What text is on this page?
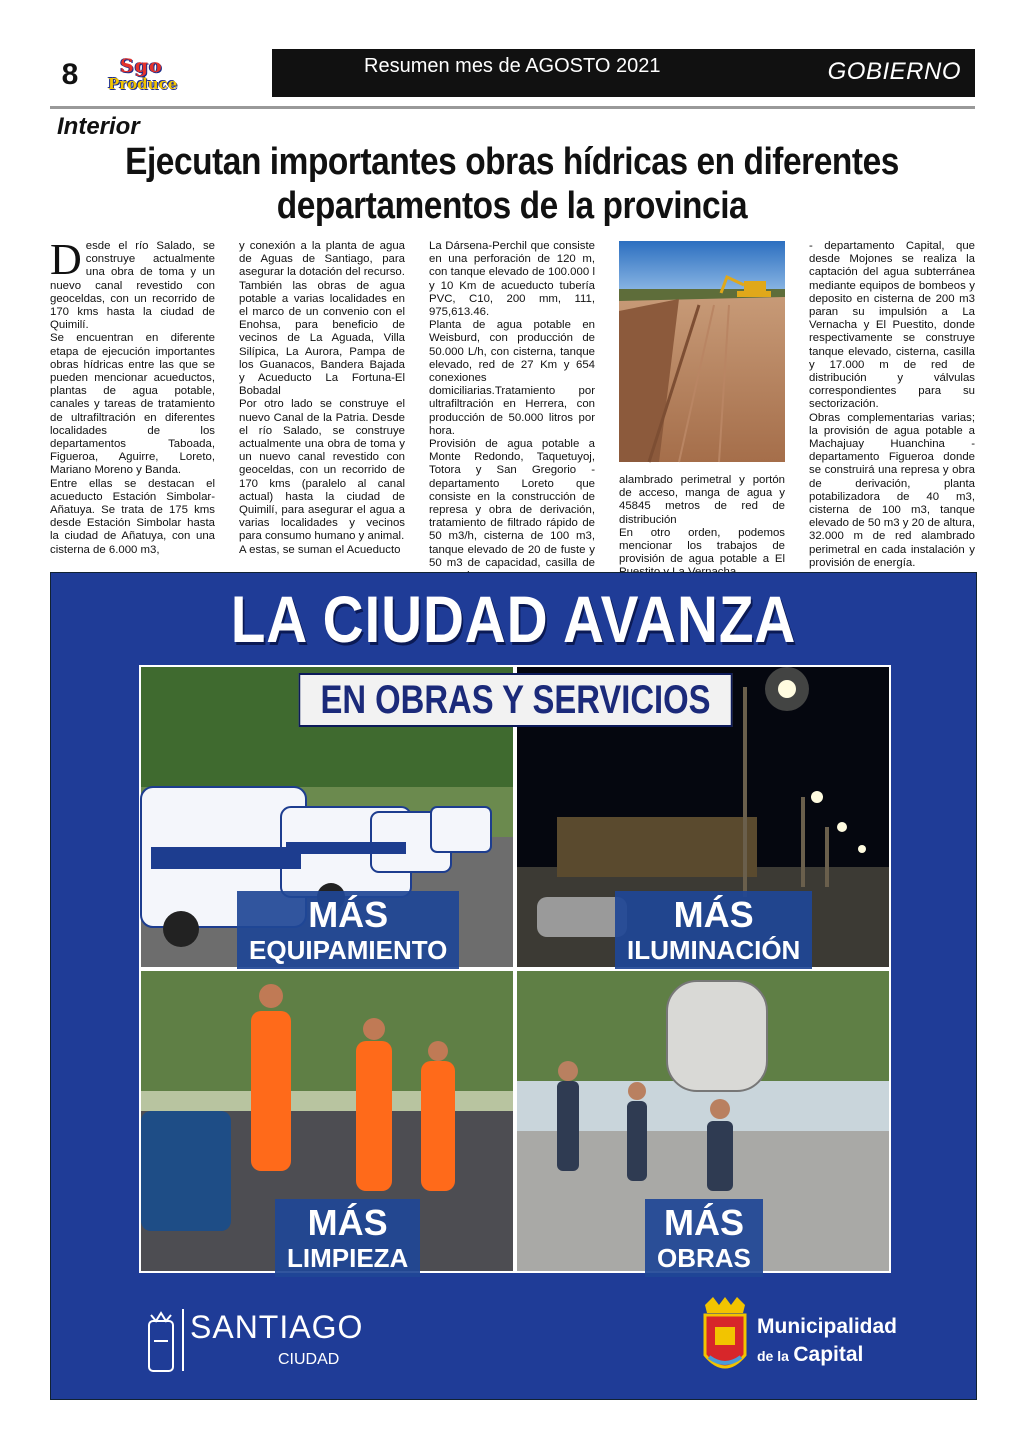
8	Sgo
Produce
Resumen mes de AGOSTO 2021	GOBIERNO
Interior
Ejecutan importantes obras hídricas en diferentes departamentos de la provincia

Desde el río Salado, se construye actualmente una obra de toma y un nuevo canal revestido con geoceldas, con un recorrido de 170 kms hasta la ciudad de Quimilí.

Se encuentran en diferente etapa de ejecución importantes obras hídricas entre las que se pueden mencionar acueductos, plantas de agua potable, canales y tareas de tratamiento de ultrafiltración en diferentes localidades de los departamentos Taboada, Figueroa, Aguirre, Loreto, Mariano Moreno y Banda.

Entre ellas se destacan el acueducto Estación Simbolar-Añatuya. Se trata de 175 kms desde Estación Simbolar hasta la ciudad de Añatuya, con una cisterna de 6.000 m3,

y conexión a la planta de agua de Aguas de Santiago, para asegurar la dotación del recurso.

También las obras de agua potable a varias localidades en el marco de un convenio con el Enohsa, para beneficio de vecinos de La Aguada, Villa Silípica, La Aurora, Pampa de los Guanacos, Bandera Bajada y Acueducto La Fortuna-El Bobadal

Por otro lado se construye el nuevo Canal de la Patria. Desde el río Salado, se construye actualmente una obra de toma y un nuevo canal revestido con geoceldas, con un recorrido de 170 kms (paralelo al canal actual) hasta la ciudad de Quimilí, para asegurar el agua a varias localidades y vecinos para consumo humano y animal.

A estas, se suman el Acueducto

La Dársena-Perchil que consiste en una perforación de 120 m, con tanque elevado de 100.000 l y 10 Km de acueducto tubería PVC, C10, 200 mm, 111, 975,613.46.

Planta de agua potable en Weisburd, con producción de 50.000 L/h, con cisterna, tanque elevado, red de 27 Km y 654 conexiones domiciliarias.Tratamiento por ultrafiltración en Herrera, con producción de 50.000 litros por hora.

Provisión de agua potable a Monte Redondo, Taquetuyoj, Totora y San Gregorio - departamento Loreto que consiste en la construcción de represa y obra de derivación, tratamiento de filtrado rápido de 50 m3/h, cisterna de 100 m3, tanque elevado de 20 de fuste y 50 m3 de capacidad, casilla de

alambrado perimetral y portón de acceso, manga de agua y 45845 metros de red de distribución

En otro orden, podemos mencionar los trabajos de provisión de agua potable a El

- departamento Capital, que desde Mojones se realiza la captación del agua subterránea mediante equipos de bombeos y deposito en cisterna de 200 m3 paran su impulsión a La Vernacha y El Puestito, donde respectivamente se construye tanque elevado, cisterna, casilla y 17.000 m de red de distribución y válvulas correspondientes para su sectorización.

Obras complementarias varias; la provisión de agua potable a Machajuay Huanchina - departamento Figueroa donde se construirá una represa y obra de derivación, planta potabilizadora de 40 m3, cisterna de 100 m3, tanque elevado de 50 m3 y 20 de altura, 32.000 m de red alambrado perimetral en cada instalación y provisión de energía.

LA CIUDAD AVANZA
EN OBRAS Y SERVICIOS
MÁS
EQUIPAMIENTO
MÁS
ILUMINACIÓN
MÁS
LIMPIEZA
MÁS
OBRAS
SANTIAGO
CIUDAD
Municipalidad
de la Capital
